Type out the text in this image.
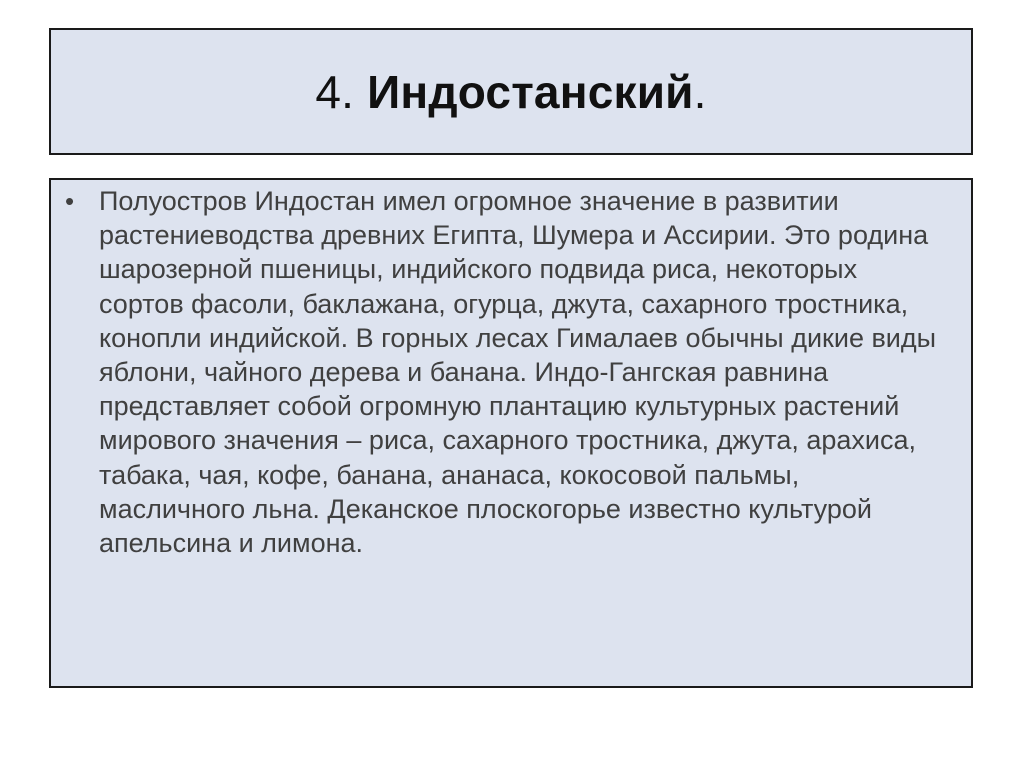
4. Индостанский.
• Полуостров Индостан имел огромное значение в развитии растениеводства древних Египта, Шумера и Ассирии. Это родина шарозерной пшеницы, индийского подвида риса, некоторых сортов фасоли, баклажана, огурца, джута, сахарного тростника, конопли индийской. В горных лесах Гималаев обычны дикие виды яблони, чайного дерева и банана. Индо-Гангская равнина представляет собой огромную плантацию культурных растений мирового значения – риса, сахарного тростника, джута, арахиса, табака, чая, кофе, банана, ананаса, кокосовой пальмы, масличного льна. Деканское плоскогорье известно культурой апельсина и лимона.
